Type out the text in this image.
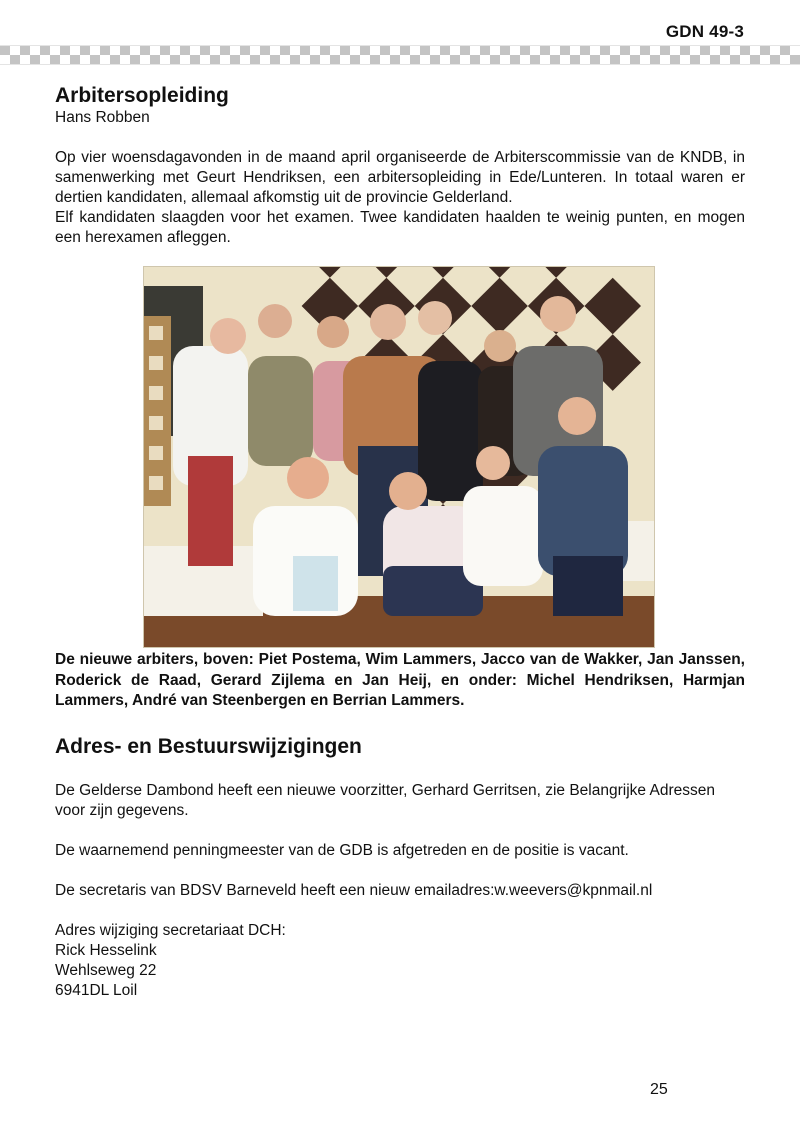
GDN 49-3
Arbitersopleiding
Hans Robben

Op vier woensdagavonden in de maand april organiseerde de Arbiterscommissie van de KNDB, in samenwerking met Geurt Hendriksen, een arbitersopleiding in Ede/Lunteren. In totaal waren er dertien kandidaten, allemaal afkomstig uit de provincie Gelderland.

Elf kandidaten slaagden voor het examen. Twee kandidaten haalden te weinig punten, en mogen een herexamen afleggen.

De nieuwe arbiters, boven: Piet Postema, Wim Lammers, Jacco van de Wakker, Jan Janssen, Roderick de Raad, Gerard Zijlema en Jan Heij, en onder: Michel Hendriksen, Harmjan Lammers, André van Steenbergen en Berrian Lammers.
Adres- en Bestuurswijzigingen

De Gelderse Dambond heeft een nieuwe voorzitter, Gerhard Gerritsen, zie Belangrijke Adressen voor zijn gegevens.

De waarnemend penningmeester van de GDB is afgetreden en de positie is vacant.

De secretaris van BDSV Barneveld heeft een nieuw emailadres:w.weevers@kpnmail.nl

Adres wijziging secretariaat DCH:
Rick Hesselink
Wehlseweg 22
6941DL Loil
25
